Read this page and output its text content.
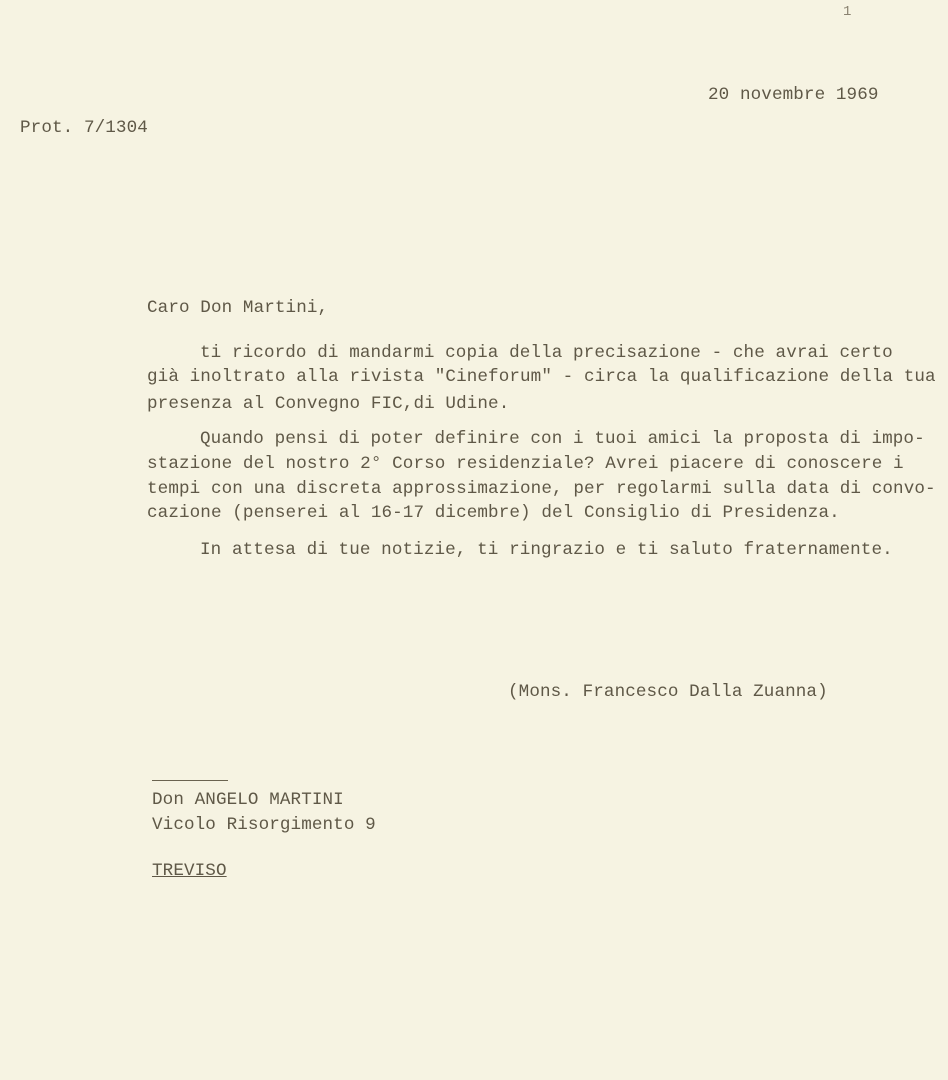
1
20 novembre 1969
Prot. 7/1304
Caro Don Martini,
ti ricordo di mandarmi copia della precisazione - che avrai certo
già inoltrato alla rivista "Cineforum" - circa la qualificazione della tua
presenza al Convegno FIC,di Udine.
Quando pensi di poter definire con i tuoi amici la proposta di impo-
stazione del nostro 2° Corso residenziale? Avrei piacere di conoscere i
tempi con una discreta approssimazione, per regolarmi sulla data di convo-
cazione (penserei al 16-17 dicembre) del Consiglio di Presidenza.
In attesa di tue notizie, ti ringrazio e ti saluto fraternamente.
(Mons. Francesco Dalla Zuanna)
Don ANGELO MARTINI
Vicolo Risorgimento 9
TREVISO
